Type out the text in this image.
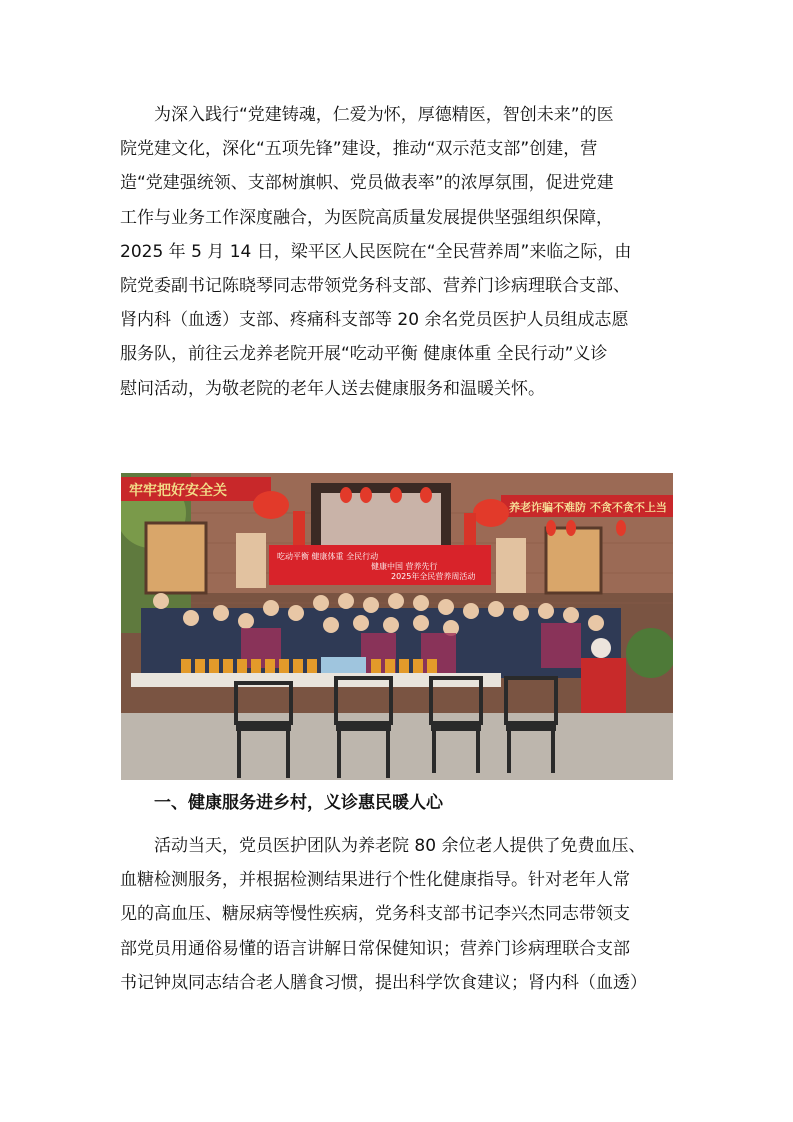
为深入践行“党建铸魂，仁爱为怀，厚德精医，智创未来”的医
院党建文化，深化“五项先锋”建设，推动“双示范支部”创建，营
造“党建强统领、支部树旗帜、党员做表率”的浓厚氛围，促进党建
工作与业务工作深度融合，为医院高质量发展提供坚强组织保障，
2025 年 5 月 14 日，梁平区人民医院在“全民营养周”来临之际，由
院党委副书记陈晓琴同志带领党务科支部、营养门诊病理联合支部、
肾内科（血透）支部、疼痛科支部等 20 余名党员医护人员组成志愿
服务队，前往云龙养老院开展“吃动平衡 健康体重 全民行动”义诊
慰问活动，为敬老院的老年人送去健康服务和温暖关怀。
牢牢把好安全关
养老诈骗不难防 不贪不贪不上当
吃动平衡 健康体重 全民行动
健康中国 营养先行
2025年全民营养周活动
一、健康服务进乡村，义诊惠民暖人心
活动当天，党员医护团队为养老院 80 余位老人提供了免费血压、
血糖检测服务，并根据检测结果进行个性化健康指导。针对老年人常
见的高血压、糖尿病等慢性疾病，党务科支部书记李兴杰同志带领支
部党员用通俗易懂的语言讲解日常保健知识；营养门诊病理联合支部
书记钟岚同志结合老人膳食习惯，提出科学饮食建议；肾内科（血透）
